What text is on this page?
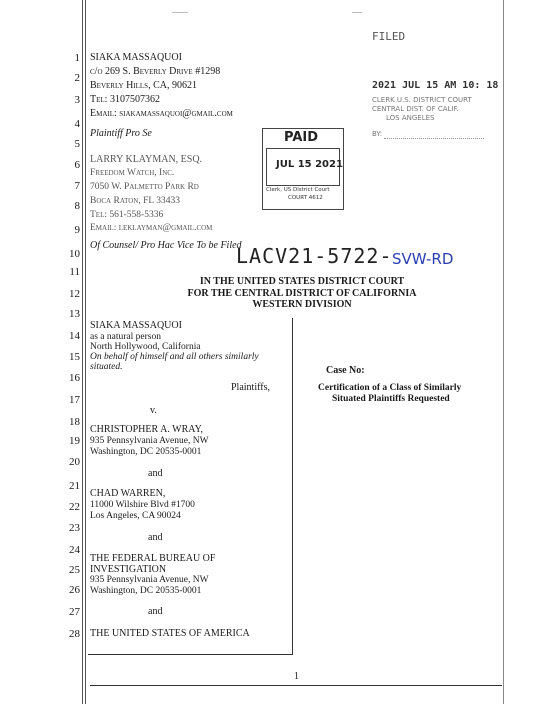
1
2
3
4
5
6
7
8
9
10
11
12
13
14
15
16
17
18
19
20
21
22
23
24
25
26
27
28
SIAKA MASSAQUOI
c/o 269 S. Beverly Drive #1298
Beverly Hills, CA, 90621
Tel: 3107507362
Email: siakamassaquoi@gmail.com
Plaintiff Pro Se
LARRY KLAYMAN, ESQ.
Freedom Watch, Inc.
7050 W. Palmetto Park Rd
Boca Raton, FL 33433
Tel: 561-558-5336
Email: leklayman@gmail.com
Of Counsel/ Pro Hac Vice To be Filed
FILED
2021 JUL 15 AM 10: 18
CLERK U.S. DISTRICT COURT
CENTRAL DIST. OF CALIF.
LOS ANGELES
BY:
PAID
JUL 15 2021
Clerk, US District Court
COURT 4612
LACV21-5722- SVW-RD
IN THE UNITED STATES DISTRICT COURT
FOR THE CENTRAL DISTRICT OF CALIFORNIA
WESTERN DIVISION
SIAKA MASSAQUOI
as a natural person
North Hollywood, California
On behalf of himself and all others similarly
situated.
Plaintiffs,
v.
CHRISTOPHER A. WRAY,
935 Pennsylvania Avenue, NW
Washington, DC 20535-0001
and
CHAD WARREN,
11000 Wilshire Blvd #1700
Los Angeles, CA 90024
and
THE FEDERAL BUREAU OF
INVESTIGATION
935 Pennsylvania Avenue, NW
Washington, DC 20535-0001
and
THE UNITED STATES OF AMERICA
Case No:
Certification of a Class of Similarly
Situated Plaintiffs Requested
1
